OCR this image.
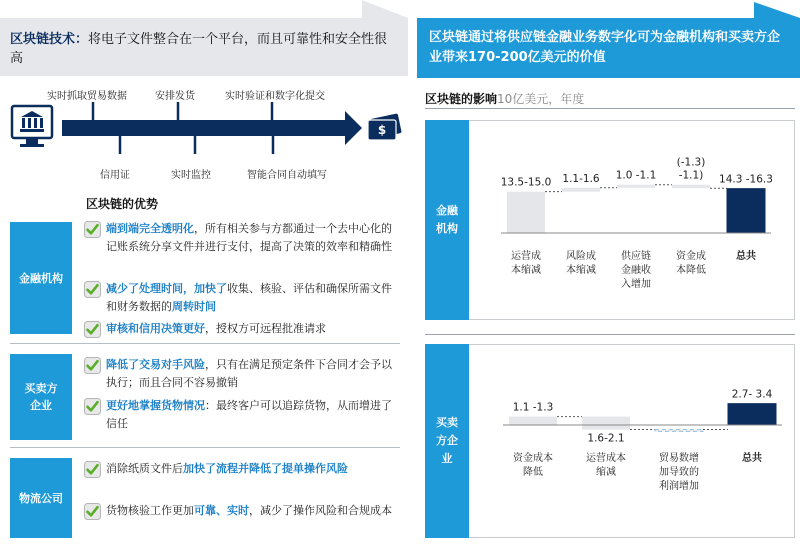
区块链技术：将电子文件整合在一个平台，而且可靠性和安全性很高
$
实时抓取贸易数据	安排发货	实时验证和数字化提交
信用证	实时监控	智能合同自动填写
区块链的优势
金融机构
端到端完全透明化，所有相关参与方都通过一个去中心化的记账系统分享文件并进行支付，提高了决策的效率和精确性
减少了处理时间，加快了收集、核验、评估和确保所需文件和财务数据的周转时间
审核和信用决策更好，授权方可远程批准请求
买卖方企业
降低了交易对手风险，只有在满足预定条件下合同才会予以执行；而且合同不容易撤销
更好地掌握货物情况：最终客户可以追踪货物，从而增进了信任
物流公司
消除纸质文件后加快了流程并降低了提单操作风险
货物核验工作更加可靠、实时，减少了操作风险和合规成本
区块链通过将供应链金融业务数字化可为金融机构和买卖方企业带来170-200亿美元的价值
区块链的影响10亿美元，年度
金融机构
13.5-15.0
运营成
本缩减
1.1-1.6
风险成
本缩减
1.0 -1.1
供应链
金融收
入增加
(-1.3)
-1.1)
资金成
本降低
14.3 -16.3
总共
买卖方企业
1.1 -1.3
资金成本
降低
1.6-2.1
运营成本
缩减
贸易数增
加导致的
利润增加
2.7- 3.4
总共
